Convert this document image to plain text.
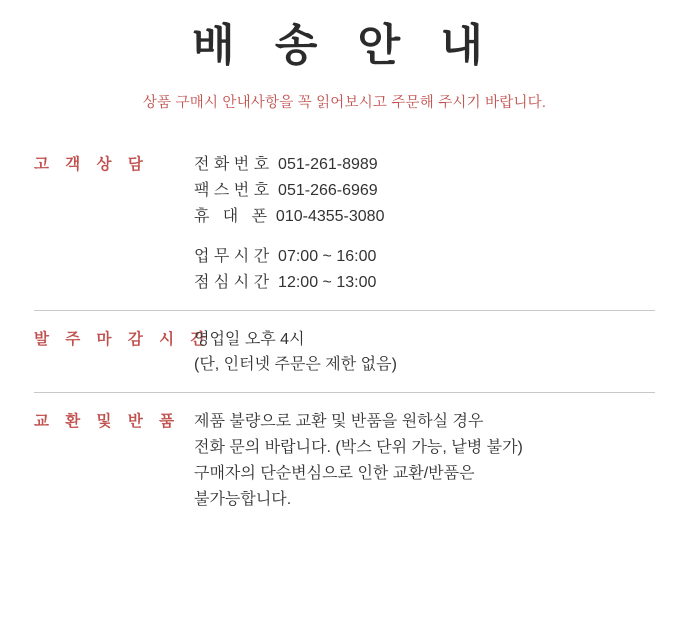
배 송 안 내

상품 구매시 안내사항을 꼭 읽어보시고 주문해 주시기 바랍니다.

고 객 상 담	전 화 번 호  051-261-8989
팩 스 번 호  051-266-6969
휴   대   폰  010-4355-3080
업 무 시 간  07:00 ~ 16:00
점 심 시 간  12:00 ~ 13:00
발 주 마 감 시 간
영업일 오후 4시
(단, 인터넷 주문은 제한 없음)
교 환 및 반 품 제품 불량으로 교환 및 반품을 원하실 경우
전화 문의 바랍니다. (박스 단위 가능, 낱병 불가)
구매자의 단순변심으로 인한 교환/반품은
불가능합니다.
